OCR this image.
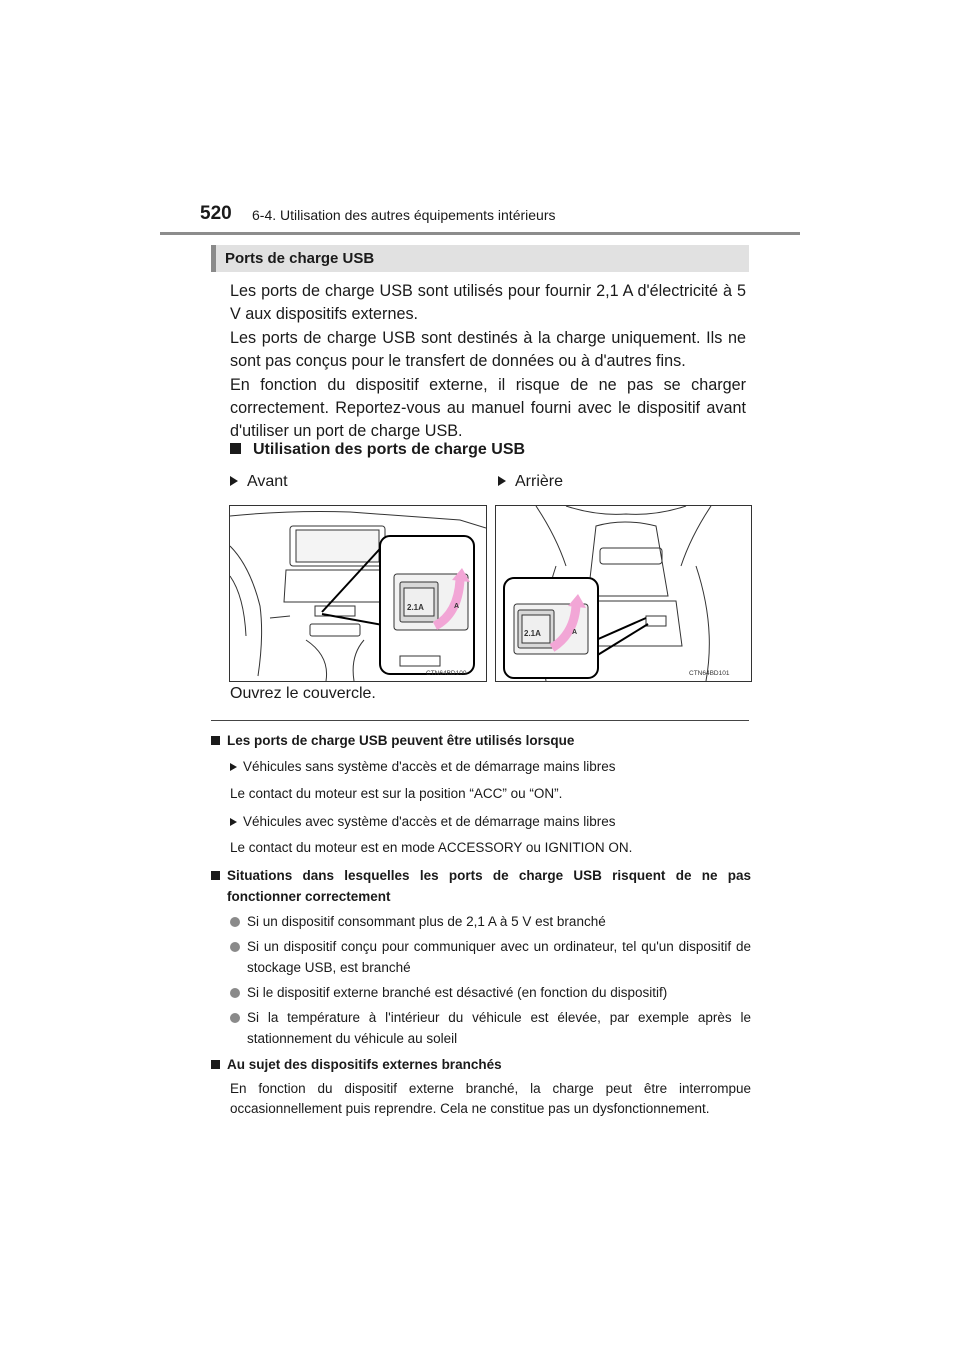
520 6-4. Utilisation des autres équipements intérieurs
Ports de charge USB

Les ports de charge USB sont utilisés pour fournir 2,1 A d'électricité à 5 V aux dispositifs externes.

Les ports de charge USB sont destinés à la charge uniquement. Ils ne sont pas conçus pour le transfert de données ou à d'autres fins.

En fonction du dispositif externe, il risque de ne pas se charger correctement. Reportez-vous au manuel fourni avec le dispositif avant d'utiliser un port de charge USB.

Utilisation des ports de charge USB
Avant	Arrière
CTN64BD100
2.1A	A
CTN64BD101
2.1A	A
Ouvrez le couvercle.
Les ports de charge USB peuvent être utilisés lorsque
Véhicules sans système d'accès et de démarrage mains libres
Le contact du moteur est sur la position “ACC” ou “ON”.
Véhicules avec système d'accès et de démarrage mains libres
Le contact du moteur est en mode ACCESSORY ou IGNITION ON.
Situations dans lesquelles les ports de charge USB risquent de ne pas fonctionner correctement
Si un dispositif consommant plus de 2,1 A à 5 V est branché
Si un dispositif conçu pour communiquer avec un ordinateur, tel qu'un dispositif de stockage USB, est branché
Si le dispositif externe branché est désactivé (en fonction du dispositif)
Si la température à l'intérieur du véhicule est élevée, par exemple après le stationnement du véhicule au soleil
Au sujet des dispositifs externes branchés
En fonction du dispositif externe branché, la charge peut être interrompue occasionnellement puis reprendre. Cela ne constitue pas un dysfonctionnement.
